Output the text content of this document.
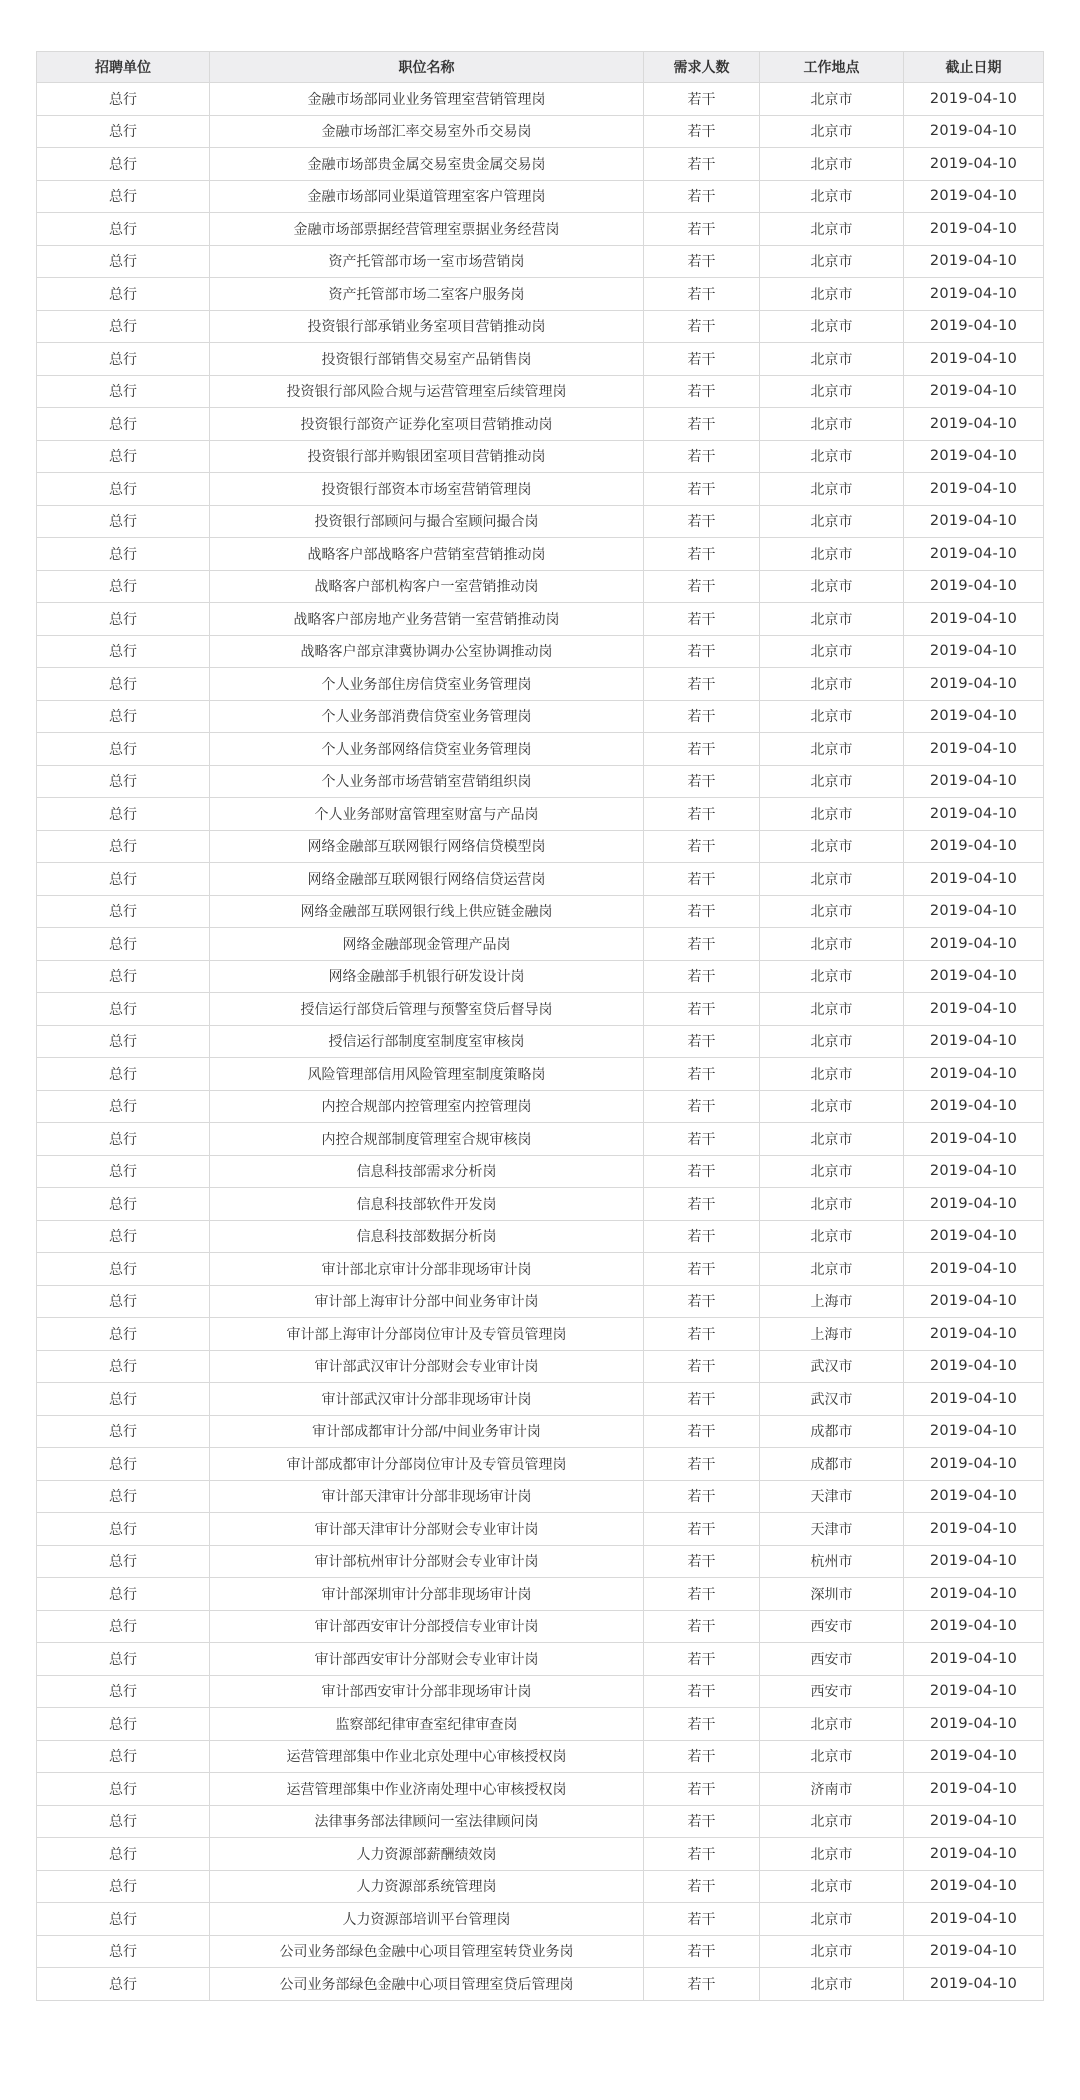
招聘单位	职位名称	需求人数	工作地点	截止日期
总行	金融市场部同业业务管理室营销管理岗	若干	北京市	2019-04-10
总行	金融市场部汇率交易室外币交易岗	若干	北京市	2019-04-10
总行	金融市场部贵金属交易室贵金属交易岗	若干	北京市	2019-04-10
总行	金融市场部同业渠道管理室客户管理岗	若干	北京市	2019-04-10
总行	金融市场部票据经营管理室票据业务经营岗	若干	北京市	2019-04-10
总行	资产托管部市场一室市场营销岗	若干	北京市	2019-04-10
总行	资产托管部市场二室客户服务岗	若干	北京市	2019-04-10
总行	投资银行部承销业务室项目营销推动岗	若干	北京市	2019-04-10
总行	投资银行部销售交易室产品销售岗	若干	北京市	2019-04-10
总行	投资银行部风险合规与运营管理室后续管理岗	若干	北京市	2019-04-10
总行	投资银行部资产证券化室项目营销推动岗	若干	北京市	2019-04-10
总行	投资银行部并购银团室项目营销推动岗	若干	北京市	2019-04-10
总行	投资银行部资本市场室营销管理岗	若干	北京市	2019-04-10
总行	投资银行部顾问与撮合室顾问撮合岗	若干	北京市	2019-04-10
总行	战略客户部战略客户营销室营销推动岗	若干	北京市	2019-04-10
总行	战略客户部机构客户一室营销推动岗	若干	北京市	2019-04-10
总行	战略客户部房地产业务营销一室营销推动岗	若干	北京市	2019-04-10
总行	战略客户部京津冀协调办公室协调推动岗	若干	北京市	2019-04-10
总行	个人业务部住房信贷室业务管理岗	若干	北京市	2019-04-10
总行	个人业务部消费信贷室业务管理岗	若干	北京市	2019-04-10
总行	个人业务部网络信贷室业务管理岗	若干	北京市	2019-04-10
总行	个人业务部市场营销室营销组织岗	若干	北京市	2019-04-10
总行	个人业务部财富管理室财富与产品岗	若干	北京市	2019-04-10
总行	网络金融部互联网银行网络信贷模型岗	若干	北京市	2019-04-10
总行	网络金融部互联网银行网络信贷运营岗	若干	北京市	2019-04-10
总行	网络金融部互联网银行线上供应链金融岗	若干	北京市	2019-04-10
总行	网络金融部现金管理产品岗	若干	北京市	2019-04-10
总行	网络金融部手机银行研发设计岗	若干	北京市	2019-04-10
总行	授信运行部贷后管理与预警室贷后督导岗	若干	北京市	2019-04-10
总行	授信运行部制度室制度室审核岗	若干	北京市	2019-04-10
总行	风险管理部信用风险管理室制度策略岗	若干	北京市	2019-04-10
总行	内控合规部内控管理室内控管理岗	若干	北京市	2019-04-10
总行	内控合规部制度管理室合规审核岗	若干	北京市	2019-04-10
总行	信息科技部需求分析岗	若干	北京市	2019-04-10
总行	信息科技部软件开发岗	若干	北京市	2019-04-10
总行	信息科技部数据分析岗	若干	北京市	2019-04-10
总行	审计部北京审计分部非现场审计岗	若干	北京市	2019-04-10
总行	审计部上海审计分部中间业务审计岗	若干	上海市	2019-04-10
总行	审计部上海审计分部岗位审计及专管员管理岗	若干	上海市	2019-04-10
总行	审计部武汉审计分部财会专业审计岗	若干	武汉市	2019-04-10
总行	审计部武汉审计分部非现场审计岗	若干	武汉市	2019-04-10
总行	审计部成都审计分部/中间业务审计岗	若干	成都市	2019-04-10
总行	审计部成都审计分部岗位审计及专管员管理岗	若干	成都市	2019-04-10
总行	审计部天津审计分部非现场审计岗	若干	天津市	2019-04-10
总行	审计部天津审计分部财会专业审计岗	若干	天津市	2019-04-10
总行	审计部杭州审计分部财会专业审计岗	若干	杭州市	2019-04-10
总行	审计部深圳审计分部非现场审计岗	若干	深圳市	2019-04-10
总行	审计部西安审计分部授信专业审计岗	若干	西安市	2019-04-10
总行	审计部西安审计分部财会专业审计岗	若干	西安市	2019-04-10
总行	审计部西安审计分部非现场审计岗	若干	西安市	2019-04-10
总行	监察部纪律审查室纪律审查岗	若干	北京市	2019-04-10
总行	运营管理部集中作业北京处理中心审核授权岗	若干	北京市	2019-04-10
总行	运营管理部集中作业济南处理中心审核授权岗	若干	济南市	2019-04-10
总行	法律事务部法律顾问一室法律顾问岗	若干	北京市	2019-04-10
总行	人力资源部薪酬绩效岗	若干	北京市	2019-04-10
总行	人力资源部系统管理岗	若干	北京市	2019-04-10
总行	人力资源部培训平台管理岗	若干	北京市	2019-04-10
总行	公司业务部绿色金融中心项目管理室转贷业务岗	若干	北京市	2019-04-10
总行	公司业务部绿色金融中心项目管理室贷后管理岗	若干	北京市	2019-04-10
